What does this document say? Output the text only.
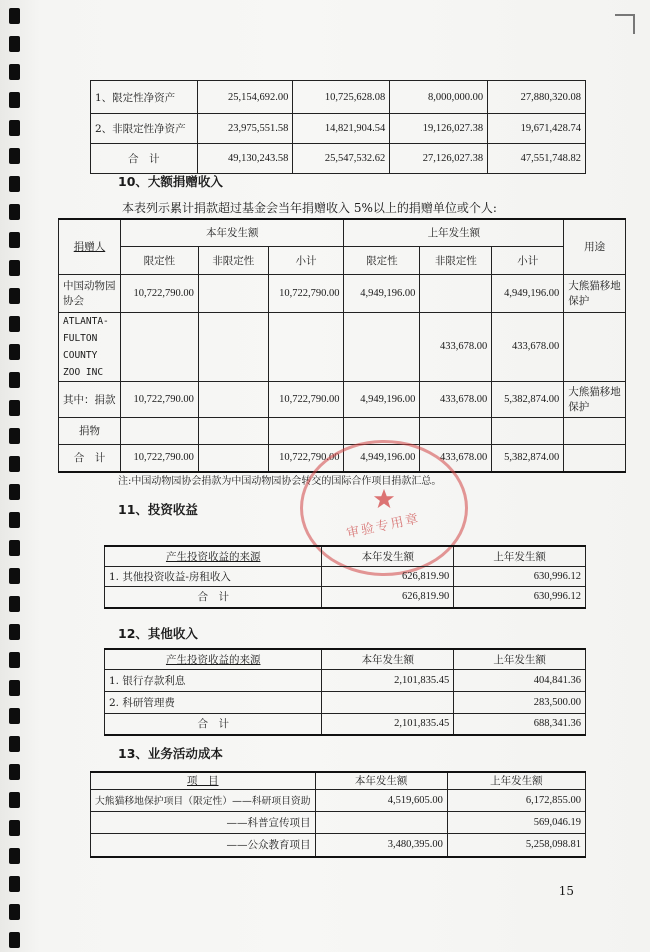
1、限定性净资产	25,154,692.00	10,725,628.08	8,000,000.00	27,880,320.08
2、非限定性净资产	23,975,551.58	14,821,904.54	19,126,027.38	19,671,428.74
合　计	49,130,243.58	25,547,532.62	27,126,027.38	47,551,748.82
10、大额捐赠收入
本表列示累计捐款超过基金会当年捐赠收入 5%以上的捐赠单位或个人:
捐赠人	本年发生额			上年发生额			用途
	限定性	非限定性	小计	限定性	非限定性	小计	
中国动物园协会	10,722,790.00		10,722,790.00	4,949,196.00		4,949,196.00	大熊猫移地保护
ATLANTA-FULTON COUNTY ZOO INC					433,678.00	433,678.00	
其中：捐款	10,722,790.00		10,722,790.00	4,949,196.00	433,678.00	5,382,874.00	大熊猫移地保护
捐物							
合　计	10,722,790.00		10,722,790.00	4,949,196.00	433,678.00	5,382,874.00	
注:中国动物园协会捐款为中国动物园协会转交的国际合作项目捐款汇总。
审验专用章
11、投资收益
产生投资收益的来源	本年发生额	上年发生额
1. 其他投资收益-房租收入	626,819.90	630,996.12
合　计	626,819.90	630,996.12
12、其他收入
产生投资收益的来源	本年发生额	上年发生额
1. 银行存款利息	2,101,835.45	404,841.36
2. 科研管理费		283,500.00
合　计	2,101,835.45	688,341.36
13、业务活动成本
项　目	本年发生额	上年发生额
大熊猫移地保护项目（限定性）——科研项目资助	4,519,605.00	6,172,855.00
——科普宣传项目		569,046.19
——公众教育项目	3,480,395.00	5,258,098.81
15
